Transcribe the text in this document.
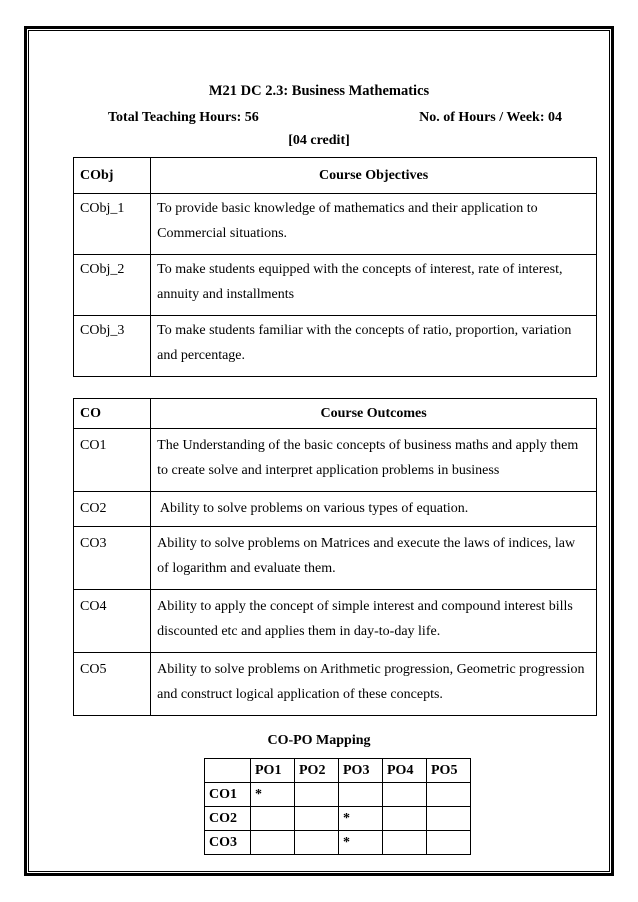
M21 DC 2.3: Business Mathematics
Total Teaching Hours: 56	No. of Hours / Week: 04
[04 credit]
CObj	Course Objectives
CObj_1	To provide basic knowledge of mathematics and their application to Commercial situations.
CObj_2	To make students equipped with the concepts of interest, rate of interest, annuity and installments
CObj_3	To make students familiar with the concepts of ratio, proportion, variation and percentage.
CO	Course Outcomes
CO1	The Understanding of the basic concepts of business maths and apply them to create solve and interpret application problems in business
CO2	Ability to solve problems on various types of equation.
CO3	Ability to solve problems on Matrices and execute the laws of indices, law of logarithm and evaluate them.
CO4	Ability to apply the concept of simple interest and compound interest bills discounted etc and applies them in day-to-day life.
CO5	Ability to solve problems on Arithmetic progression, Geometric progression and construct logical application of these concepts.
CO-PO Mapping
	PO1	PO2	PO3	PO4	PO5
CO1	*				
CO2			*		
CO3			*		
